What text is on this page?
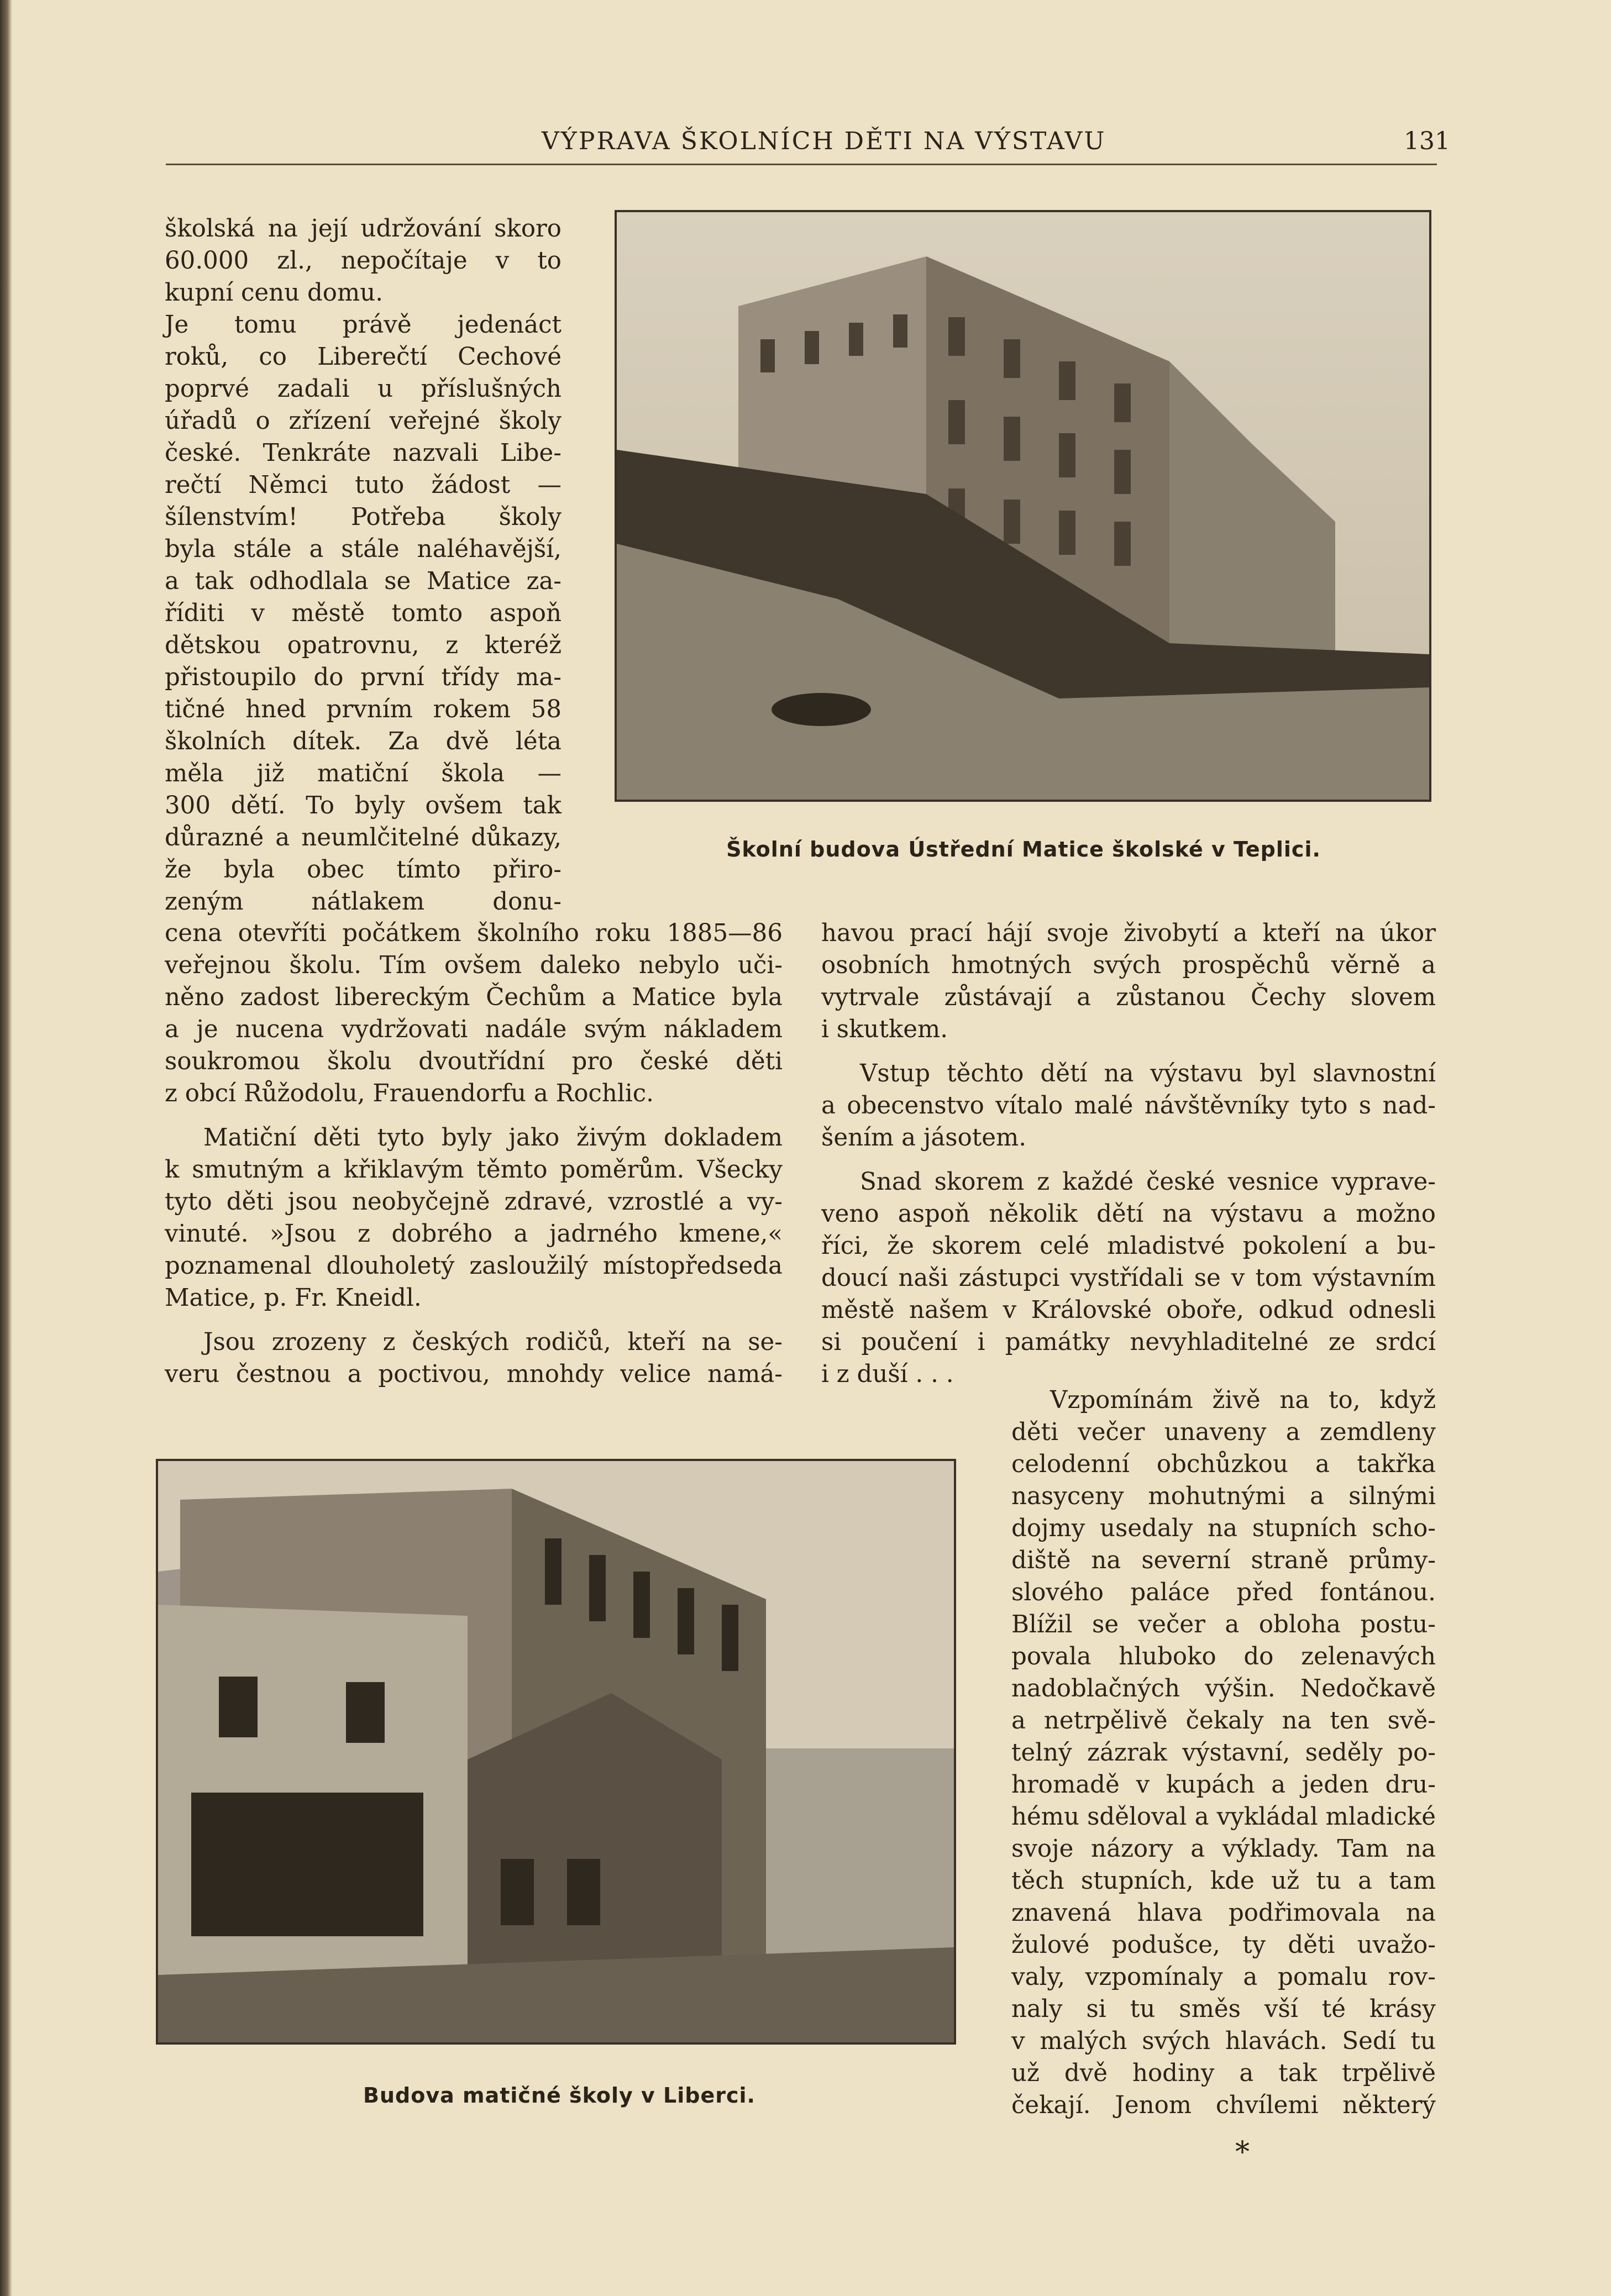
VÝPRAVA ŠKOLNÍCH DĚTI NA VÝSTAVU	131
školská na její udržování skoro
60.000 zl., nepočítaje v to
kupní cenu domu.
Je tomu právě jedenáct
roků, co Liberečtí Cechové
poprvé zadali u příslušných
úřadů o zřízení veřejné školy
české. Tenkráte nazvali Libe-
rečtí Němci tuto žádost —
šílenstvím! Potřeba školy
byla stále a stále naléhavější,
a tak odhodlala se Matice za-
říditi v městě tomto aspoň
dětskou opatrovnu, z kteréž
přistoupilo do první třídy ma-
tičné hned prvním rokem 58
školních dítek. Za dvě léta
měla již matiční škola —
300 dětí. To byly ovšem tak
důrazné a neumlčitelné důkazy,
že byla obec tímto přiro-
zeným nátlakem donu-
cena otevříti počátkem školního roku 1885—86
veřejnou školu. Tím ovšem daleko nebylo uči-
něno zadost libereckým Čechům a Matice byla
a je nucena vydržovati nadále svým nákladem
soukromou školu dvoutřídní pro české děti
z obcí Růžodolu, Frauendorfu a Rochlic.
Matiční děti tyto byly jako živým dokladem
k smutným a křiklavým těmto poměrům. Všecky
tyto děti jsou neobyčejně zdravé, vzrostlé a vy-
vinuté. »Jsou z dobrého a jadrného kmene,«
poznamenal dlouholetý zasloužilý místopředseda
Matice, p. Fr. Kneidl.
Jsou zrozeny z českých rodičů, kteří na se-
veru čestnou a poctivou, mnohdy velice namá-
havou prací hájí svoje živobytí a kteří na úkor
osobních hmotných svých prospěchů věrně a
vytrvale zůstávají a zůstanou Čechy slovem
i skutkem.
Vstup těchto dětí na výstavu byl slavnostní
a obecenstvo vítalo malé návštěvníky tyto s nad-
šením a jásotem.
Snad skorem z každé české vesnice vyprave-
veno aspoň několik dětí na výstavu a možno
říci, že skorem celé mladistvé pokolení a bu-
doucí naši zástupci vystřídali se v tom výstavním
městě našem v Královské oboře, odkud odnesli
si poučení i památky nevyhladitelné ze srdcí
i z duší . . .
Vzpomínám živě na to, když
děti večer unaveny a zemdleny
celodenní obchůzkou a takřka
nasyceny mohutnými a silnými
dojmy usedaly na stupních scho-
diště na severní straně průmy-
slového paláce před fontánou.
Blížil se večer a obloha postu-
povala hluboko do zelenavých
nadoblačných výšin. Nedočkavě
a netrpělivě čekaly na ten svě-
telný zázrak výstavní, seděly po-
hromadě v kupách a jeden dru-
hému sděloval a vykládal mladické
svoje názory a výklady. Tam na
těch stupních, kde už tu a tam
znavená hlava podřimovala na
žulové podušce, ty děti uvažo-
valy, vzpomínaly a pomalu rov-
naly si tu směs vší té krásy
v malých svých hlavách. Sedí tu
už dvě hodiny a tak trpělivě
čekají. Jenom chvílemi některý
Školní budova Ústřední Matice školské v Teplici.
Budova matičné školy v Liberci.
*
